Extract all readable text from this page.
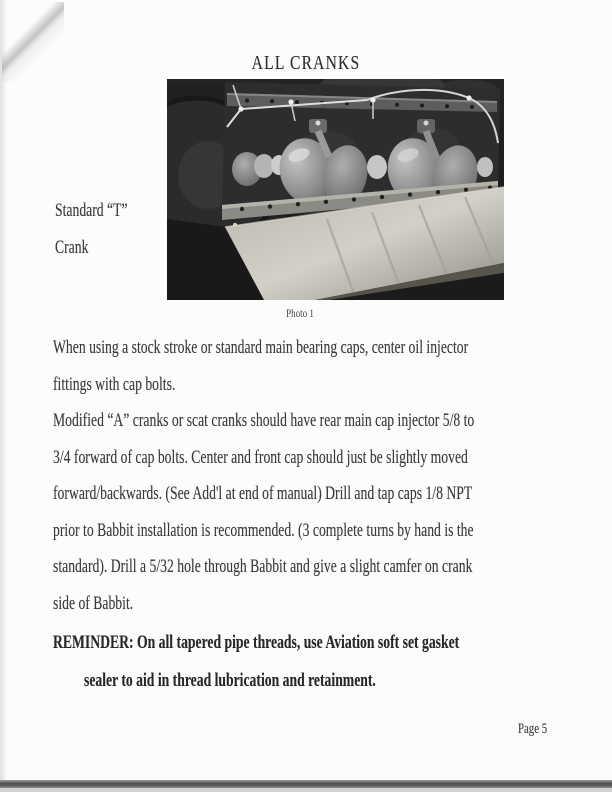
ALL CRANKS
Standard “T”
Crank
Photo 1
When using a stock stroke or standard main bearing caps, center oil injector
fittings with cap bolts.
Modified “A” cranks or scat cranks should have rear main cap injector 5/8 to
3/4 forward of cap bolts. Center and front cap should just be slightly moved
forward/backwards. (See Add'l at end of manual) Drill and tap caps 1/8 NPT
prior to Babbit installation is recommended. (3 complete turns by hand is the
standard). Drill a 5/32 hole through Babbit and give a slight camfer on crank
side of Babbit.
REMINDER: On all tapered pipe threads, use Aviation soft set gasket
sealer to aid in thread lubrication and retainment.
Page 5
